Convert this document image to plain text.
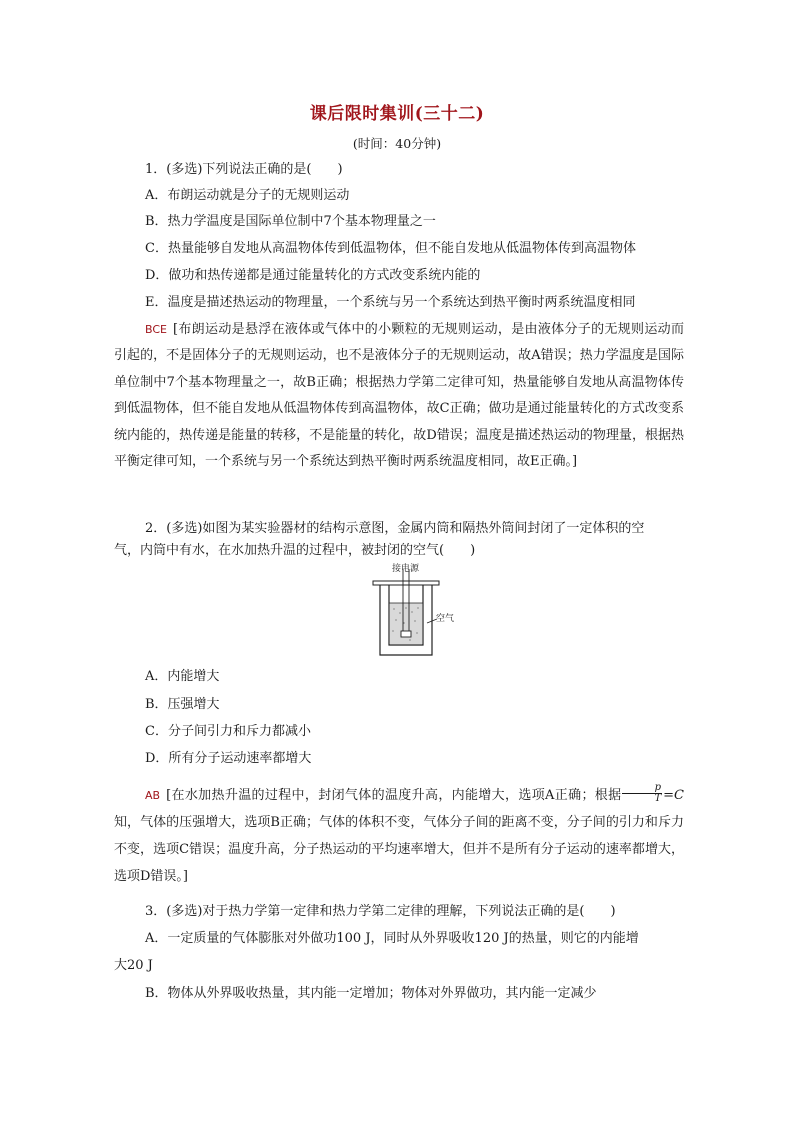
课后限时集训(三十二)
(时间：40分钟)
1．(多选)下列说法正确的是(　　)
A．布朗运动就是分子的无规则运动
B．热力学温度是国际单位制中7个基本物理量之一
C．热量能够自发地从高温物体传到低温物体，但不能自发地从低温物体传到高温物体
D．做功和热传递都是通过能量转化的方式改变系统内能的
E．温度是描述热运动的物理量，一个系统与另一个系统达到热平衡时两系统温度相同
BCE [布朗运动是悬浮在液体或气体中的小颗粒的无规则运动，是由液体分子的无规则运动而引起的，不是固体分子的无规则运动，也不是液体分子的无规则运动，故A错误；热力学温度是国际单位制中7个基本物理量之一，故B正确；根据热力学第二定律可知，热量能够自发地从高温物体传到低温物体，但不能自发地从低温物体传到高温物体，故C正确；做功是通过能量转化的方式改变系统内能的，热传递是能量的转移，不是能量的转化，故D错误；温度是描述热运动的物理量，根据热平衡定律可知，一个系统与另一个系统达到热平衡时两系统温度相同，故E正确。]
2．(多选)如图为某实验器材的结构示意图，金属内筒和隔热外筒间封闭了一定体积的空
气，内筒中有水，在水加热升温的过程中，被封闭的空气(　　)
接电源
空气
A．内能增大
B．压强增大
C．分子间引力和斥力都减小
D．所有分子运动速率都增大
AB [在水加热升温的过程中，封闭气体的温度升高，内能增大，选项A正确；根据 $\frac{p}{T} =C$知，气体的压强增大，选项B正确；气体的体积不变，气体分子间的距离不变，分子间的引力和斥力不变，选项C错误；温度升高，分子热运动的平均速率增大，但并不是所有分子运动的速率都增大，选项D错误。]
3．(多选)对于热力学第一定律和热力学第二定律的理解，下列说法正确的是(　　)
A．一定质量的气体膨胀对外做功100 J，同时从外界吸收120 J的热量，则它的内能增
大20 J
B．物体从外界吸收热量，其内能一定增加；物体对外界做功，其内能一定减少
